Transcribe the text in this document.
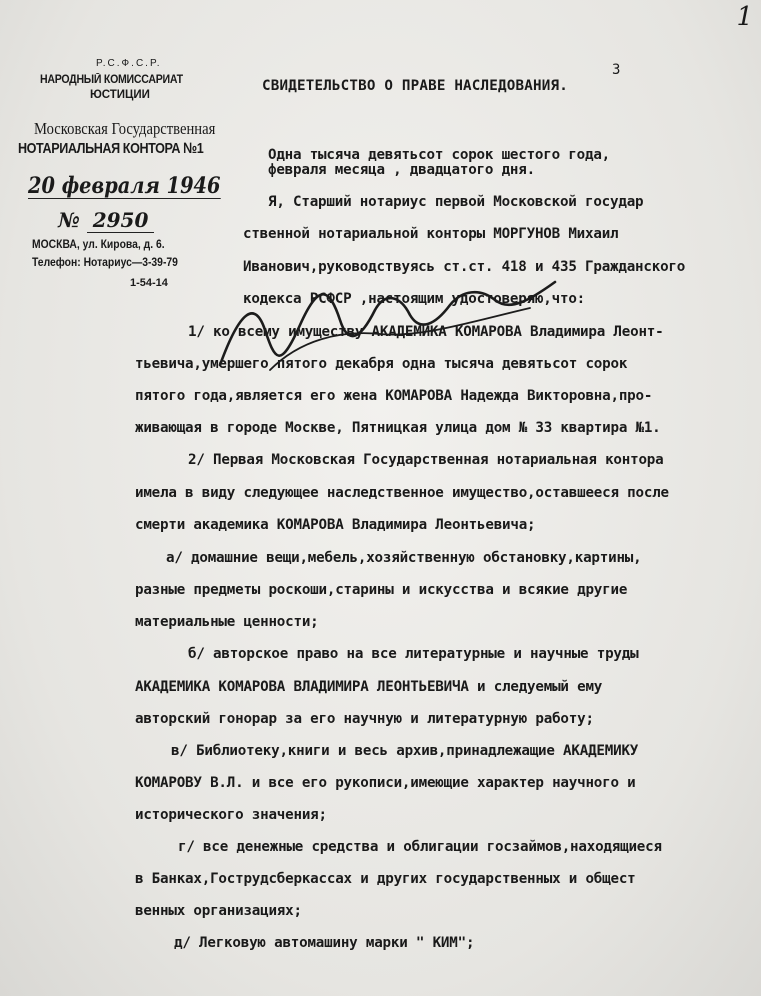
1
3
Р.С.Ф.С.Р.
НАРОДНЫЙ КОМИССАРИАТ
ЮСТИЦИИ
Московская Государственная
НОТАРИАЛЬНАЯ КОНТОРА №1
20 февраля 1946
№ 2950
МОСКВА, ул. Кирова, д. 6.
Телефон: Нотариус—3-39-79
1-54-14
СВИДЕТЕЛЬСТВО О ПРАВЕ НАСЛЕДОВАНИЯ.
Одна тысяча девятьсот сорок шестого года,
февраля месяца , двадцатого дня.
Я, Старший нотариус первой Московской государ
ственной нотариальной конторы МОРГУНОВ Михаил
Иванович,руководствуясь ст.ст. 418 и 435 Гражданского
кодекса РСФСР ,настоящим удостоверяю,что:
1/ ко всему имуществу АКАДЕМИКА КОМАРОВА Владимира Леонт-
тьевича,умершего пятого декабря одна тысяча девятьсот сорок
пятого года,является его жена КОМАРОВА Надежда Викторовна,про-
живающая в городе Москве, Пятницкая улица дом № 33 квартира №1.
2/ Первая Московская Государственная нотариальная контора
имела в виду следующее наследственное имущество,оставшееся после
смерти академика КОМАРОВА Владимира Леонтьевича;
а/ домашние вещи,мебель,хозяйственную обстановку,картины,
разные предметы роскоши,старины и искусства и всякие другие
материальные ценности;
б/ авторское право на все литературные и научные труды
АКАДЕМИКА КОМАРОВА ВЛАДИМИРА ЛЕОНТЬЕВИЧА и следуемый ему
авторский гонорар за его научную и литературную работу;
в/ Библиотеку,книги и весь архив,принадлежащие АКАДЕМИКУ
КОМАРОВУ В.Л. и все его рукописи,имеющие характер научного и
исторического значения;
г/ все денежные средства и облигации госзаймов,находящиеся
в Банках,Гострудсберкассах и других государственных и общест
венных организациях;
д/ Легковую автомашину марки " КИМ";
